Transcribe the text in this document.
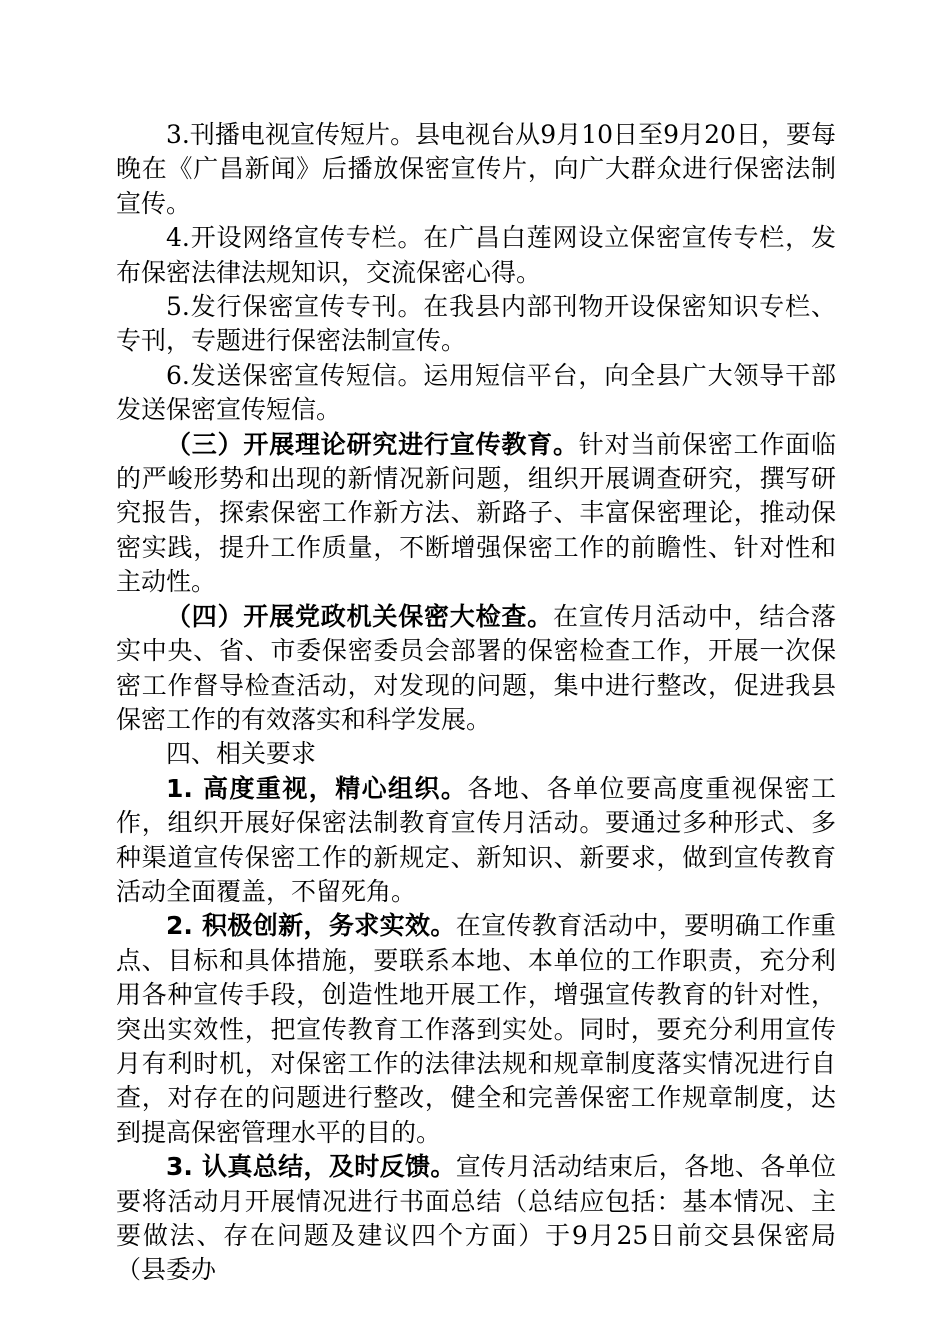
3.刊播电视宣传短片。县电视台从9月10日至9月20日，要每晚在《广昌新闻》后播放保密宣传片，向广大群众进行保密法制宣传。

4.开设网络宣传专栏。在广昌白莲网设立保密宣传专栏，发布保密法律法规知识，交流保密心得。

5.发行保密宣传专刊。在我县内部刊物开设保密知识专栏、专刊，专题进行保密法制宣传。

6.发送保密宣传短信。运用短信平台，向全县广大领导干部发送保密宣传短信。

（三）开展理论研究进行宣传教育。针对当前保密工作面临的严峻形势和出现的新情况新问题，组织开展调查研究，撰写研究报告，探索保密工作新方法、新路子、丰富保密理论，推动保密实践，提升工作质量，不断增强保密工作的前瞻性、针对性和主动性。

（四）开展党政机关保密大检查。在宣传月活动中，结合落实中央、省、市委保密委员会部署的保密检查工作，开展一次保密工作督导检查活动，对发现的问题，集中进行整改，促进我县保密工作的有效落实和科学发展。

四、相关要求

1. 高度重视，精心组织。各地、各单位要高度重视保密工作，组织开展好保密法制教育宣传月活动。要通过多种形式、多种渠道宣传保密工作的新规定、新知识、新要求，做到宣传教育活动全面覆盖，不留死角。

2. 积极创新，务求实效。在宣传教育活动中，要明确工作重点、目标和具体措施，要联系本地、本单位的工作职责，充分利用各种宣传手段，创造性地开展工作，增强宣传教育的针对性，突出实效性，把宣传教育工作落到实处。同时，要充分利用宣传月有利时机，对保密工作的法律法规和规章制度落实情况进行自查，对存在的问题进行整改，健全和完善保密工作规章制度，达到提高保密管理水平的目的。

3. 认真总结，及时反馈。宣传月活动结束后，各地、各单位要将活动月开展情况进行书面总结（总结应包括：基本情况、主要做法、存在问题及建议四个方面）于9月25日前交县保密局（县委办
